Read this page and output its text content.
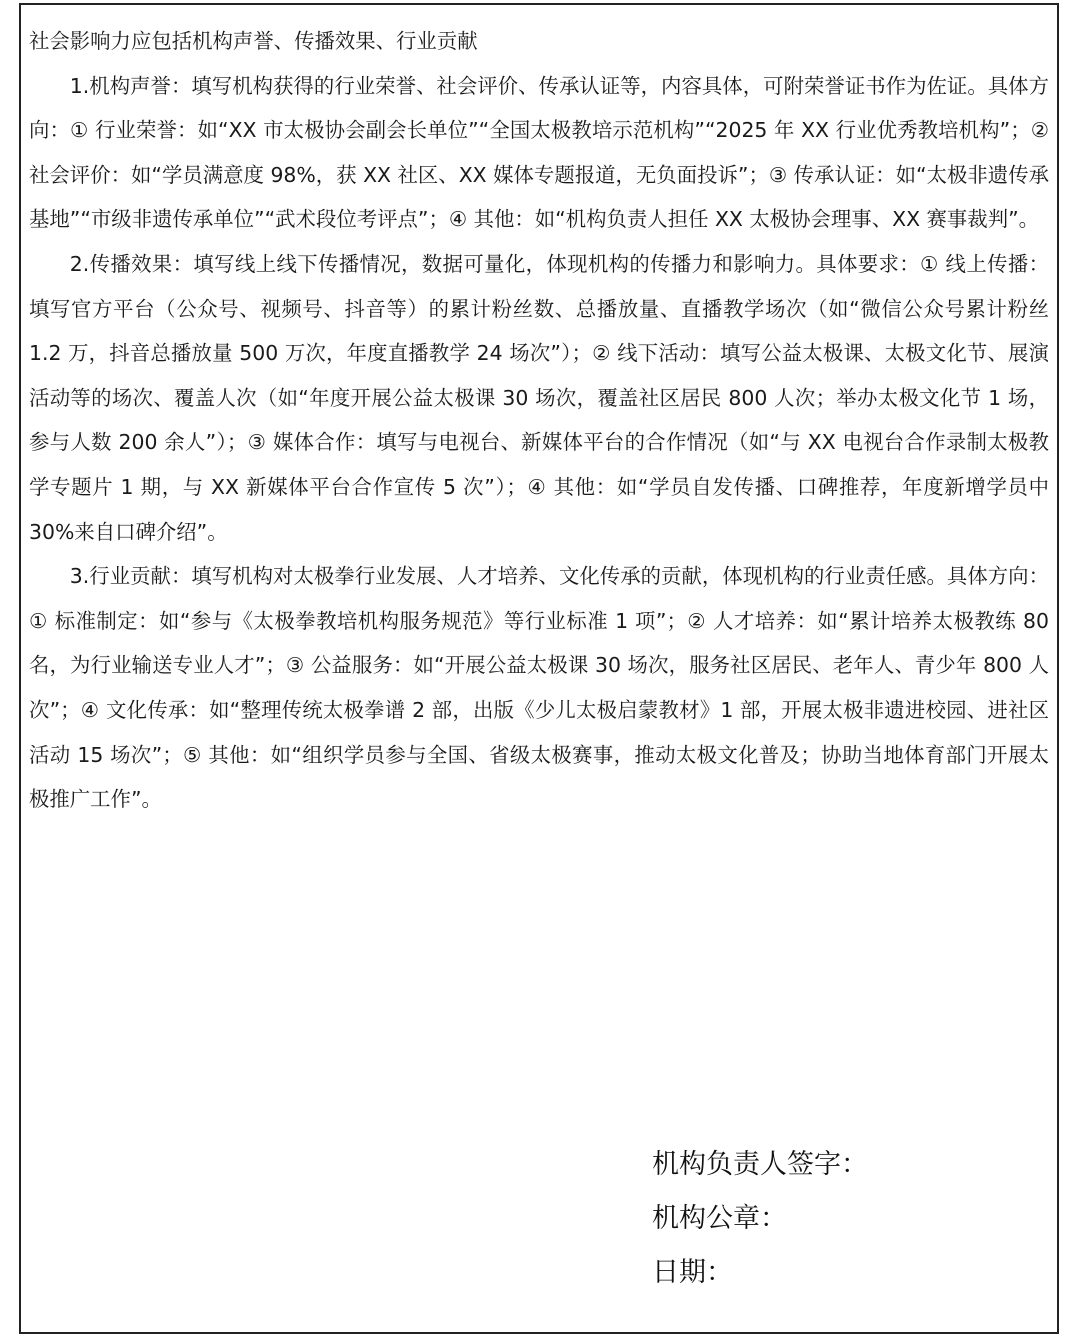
社会影响力应包括机构声誉、传播效果、行业贡献

1.机构声誉：填写机构获得的行业荣誉、社会评价、传承认证等，内容具体，可附荣誉证书作为佐证。具体方向：① 行业荣誉：如“XX 市太极协会副会长单位”“全国太极教培示范机构”“2025 年 XX 行业优秀教培机构”；② 社会评价：如“学员满意度 98%，获 XX 社区、XX 媒体专题报道，无负面投诉”；③ 传承认证：如“太极非遗传承基地”“市级非遗传承单位”“武术段位考评点”；④ 其他：如“机构负责人担任 XX 太极协会理事、XX 赛事裁判”。

2.传播效果：填写线上线下传播情况，数据可量化，体现机构的传播力和影响力。具体要求：① 线上传播：填写官方平台（公众号、视频号、抖音等）的累计粉丝数、总播放量、直播教学场次（如“微信公众号累计粉丝 1.2 万，抖音总播放量 500 万次，年度直播教学 24 场次”）；② 线下活动：填写公益太极课、太极文化节、展演活动等的场次、覆盖人次（如“年度开展公益太极课 30 场次，覆盖社区居民 800 人次；举办太极文化节 1 场，参与人数 200 余人”）；③ 媒体合作：填写与电视台、新媒体平台的合作情况（如“与 XX 电视台合作录制太极教学专题片 1 期，与 XX 新媒体平台合作宣传 5 次”）；④ 其他：如“学员自发传播、口碑推荐，年度新增学员中 30%来自口碑介绍”。

3.行业贡献：填写机构对太极拳行业发展、人才培养、文化传承的贡献，体现机构的行业责任感。具体方向：① 标准制定：如“参与《太极拳教培机构服务规范》等行业标准 1 项”；② 人才培养：如“累计培养太极教练 80 名，为行业输送专业人才”；③ 公益服务：如“开展公益太极课 30 场次，服务社区居民、老年人、青少年 800 人次”；④ 文化传承：如“整理传统太极拳谱 2 部，出版《少儿太极启蒙教材》1 部，开展太极非遗进校园、进社区活动 15 场次”；⑤ 其他：如“组织学员参与全国、省级太极赛事，推动太极文化普及；协助当地体育部门开展太极推广工作”。

机构负责人签字：

机构公章：

日期：
